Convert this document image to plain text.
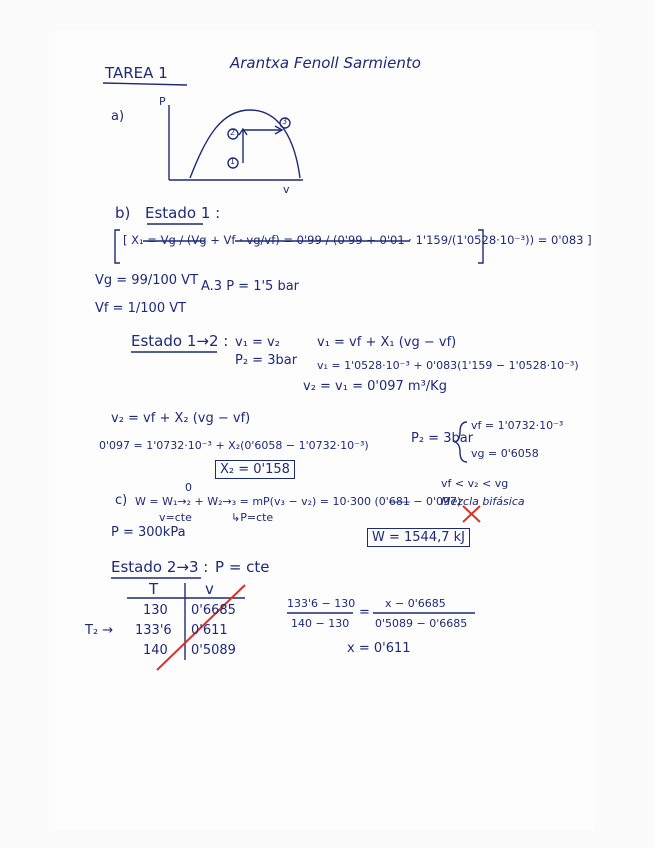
TAREA 1
Arantxa Fenoll Sarmiento
a)
P
v
1
2
3
b) Estado 1 :
[ X₁ = Vg / (Vg + Vf · vg/vf) = 0'99 / (0'99 + 0'01 · 1'159/(1'0528·10⁻³)) = 0'083 ]
Vg = 99/100 VT
Vf = 1/100 VT
A.3 P = 1'5 bar
Estado 1→2 : v₁ = v₂
P₂ = 3bar
v₁ = vf + X₁ (vg − vf)
v₁ = 1'0528·10⁻³ + 0'083(1'159 − 1'0528·10⁻³)
v₂ = v₁ = 0'097 m³/Kg
v₂ = vf + X₂ (vg − vf)
P₂ = 3bar
vf = 1'0732·10⁻³
vg = 0'6058
0'097 = 1'0732·10⁻³ + X₂(0'6058 − 1'0732·10⁻³)
X₂ = 0'158
vf < v₂ < vg
Mezcla bifásica
c) W = W₁→₂ + W₂→₃ = mP(v₃ − v₂) = 10·300 (0'6̶8̶1̶ − 0'097)
0
v=cte	↳P=cte
P = 300kPa	W = 1544,7 kJ
Estado 2→3 : P = cte
T	v
130 0'6685
T₂ → 133'6 0'611
140 0'5089
133'6 − 130
140 − 130
=
x − 0'6685
0'5089 − 0'6685
x = 0'611
